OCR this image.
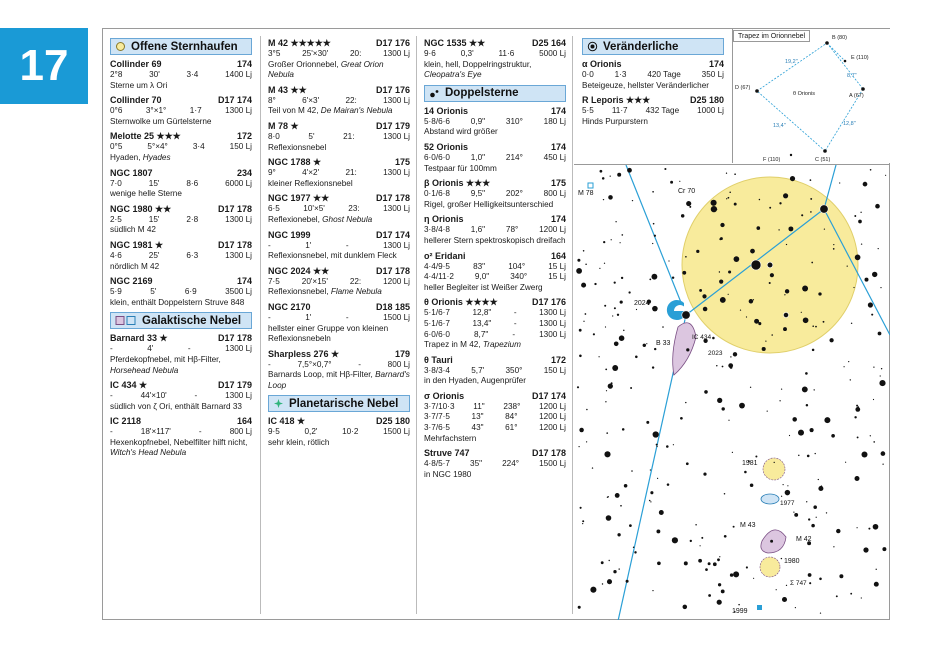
17	Offene Sternhaufen
Collinder 69	174
2°8	30'	3·4	1400 Lj
Sterne um λ Ori
Collinder 70	D17 174
0°6	3°×1°	1·7	1300 Lj
Sternwolke um Gürtelsterne
Melotte 25 ★★★	172
0°5	5°×4°	3·4	150 Lj
Hyaden, Hyades
NGC 1807	234
7·0	15'	8·6	6000 Lj
wenige helle Sterne
NGC 1980 ★★	D17 178
2·5	15'	2·8	1300 Lj
südlich M 42
NGC 1981 ★	D17 178
4·6	25'	6·3	1300 Lj
nördlich M 42
NGC 2169	174
5·9	5'	6·9	3500 Lj
klein, enthält Doppelstern Struve 848
Galaktische Nebel
Barnard 33 ★	D17 178
-	4'	-	1300 Lj
Pferdekopfnebel, mit Hβ-Filter, Horsehead Nebula
IC 434 ★	D17 179
-	44'×10'	-	1300 Lj
südlich von ζ Ori, enthält Barnard 33
IC 2118	164
-	18'×117'	-	800 Lj
Hexenkopfnebel, Nebelfilter hilft nicht, Witch's Head Nebula
M 42 ★★★★★	D17 176
3°5	25'×30'	20:	1300 Lj
Großer Orionnebel, Great Orion Nebula
M 43 ★★	D17 176
8°	6'×3'	22:	1300 Lj
Teil von M 42, De Mairan's Nebula
M 78 ★	D17 179
8·0	5'	21:	1300 Lj
Reflexionsnebel
NGC 1788 ★	175
9°	4'×2'	21:	1300 Lj
kleiner Reflexionsnebel
NGC 1977 ★★	D17 178
6·5	10'×5'	23:	1300 Lj
Reflexionebel, Ghost Nebula
NGC 1999	D17 174
-	1'	-	1300 Lj
Reflexionsnebel, mit dunklem Fleck
NGC 2024 ★★	D17 178
7·5	20'×15'	22:	1200 Lj
Reflexionsnebel, Flame Nebula
NGC 2170	D18 185
-	1'	-	1500 Lj
hellster einer Gruppe von kleinen Reflexionsnebeln
Sharpless 276 ★	179
-	7,5°×0,7°	-	800 Lj
Barnards Loop, mit Hβ-Filter, Barnard's Loop
Planetarische Nebel
IC 418 ★	D25 180
9·5	0,2'	10·2	1500 Lj
sehr klein, rötlich
NGC 1535 ★★	D25 164
9·6	0,3'	11·6	5000 Lj
klein, hell, Doppelringstruktur, Cleopatra's Eye
Doppelsterne
14 Orionis	174
5·8/6·6	0,9"	310°	180 Lj
Abstand wird größer
52 Orionis	174
6·0/6·0	1,0"	214°	450 Lj
Testpaar für 100mm
β Orionis ★★★	175
0·1/6·8	9,5"	202°	800 Lj
Rigel, großer Helligkeitsunterschied
η Orionis	174
3·8/4·8	1,6"	78°	1200 Lj
hellerer Stern spektroskopisch dreifach
o² Eridani	164
4·4/9·5	83"	104°	15 Lj
4·4/11·2	9,0"	340°	15 Lj
heller Begleiter ist Weißer Zwerg
θ Orionis ★★★★	D17 176
5·1/6·7	12,8"	-	1300 Lj
5·1/6·7	13,4"	-	1300 Lj
6·0/6·0	8,7"	-	1300 Lj
Trapez in M 42, Trapezium
θ Tauri	172
3·8/3·4	5,7'	350°	150 Lj
in den Hyaden, Augenprüfer
σ Orionis	D17 174
3·7/10·3 11" 238° 1200 Lj
3·7/7·5	13"	84°	1200 Lj
3·7/6·5	43"	61°	1200 Lj
Mehrfachstern
Struve 747	D17 178
4·8/5·7 35" 224° 1500 Lj
in NGC 1980
Veränderliche
α Orionis	174
0·0	1·3	420 Tage	350 Lj
Beteigeuze, hellster Veränderlicher
R Leporis ★★★	D25 180
5·5 11·7 432 Tage 1000 Lj
Hinds Purpurstern
B (80)
E (110)
D (67)
A (67)
C (51)
F (110)
θ Orionis
19,2"
8,7"
12,8"
13,4"
Trapez im Orionnebel
M 78	Cr 70
2024
B 33
IC 434
1981
1977
M 43
M 42
1980
Σ 747
1999
2023
